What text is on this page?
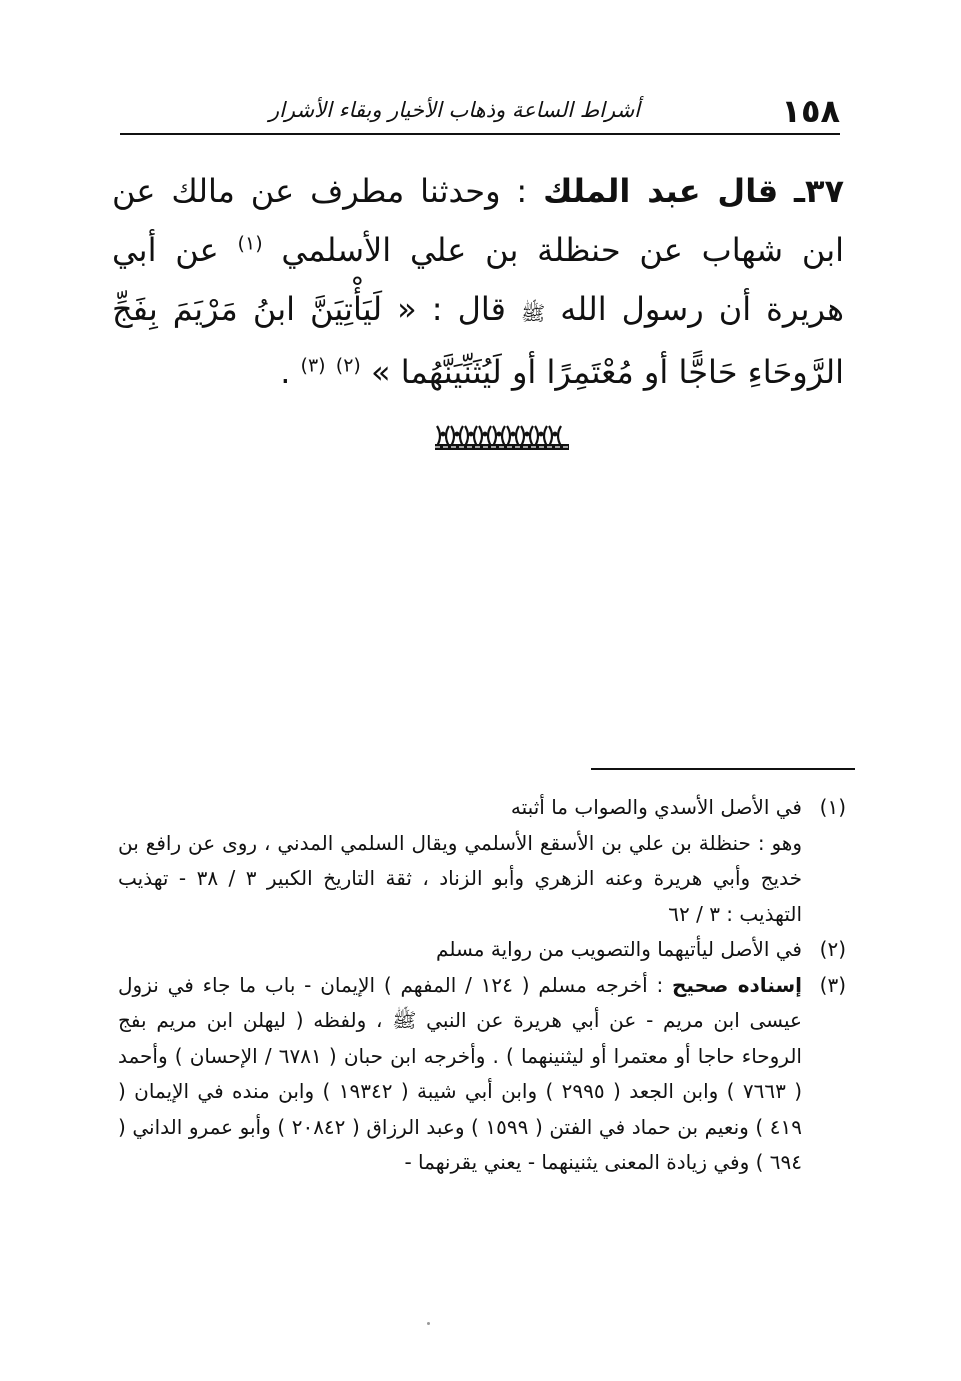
١٥٨
أشراط الساعة وذهاب الأخيار وبقاء الأشرار
٣٧ـ قال عبد الملك : وحدثنا مطرف عن مالك عن ابن شهاب عن حنظلة بن علي الأسلمي $^{(١)}$ عن أبي هريرة أن رسول الله ﷺ قال : « لَيَأْتِيَنَّ ابنُ مَرْيَمَ بِفَجِّ الرَّوحَاءِ حَاجًّا أو مُعْتَمِرًا أو لَيُثَنِّيَنَّهُما » $^{(٢)}$ $^{(٣)}$ .
(١)
في الأصل الأسدي والصواب ما أثبته
وهو : حنظلة بن علي بن الأسقع الأسلمي ويقال السلمي المدني ، روى عن رافع بن خديج وأبي هريرة وعنه الزهري وأبو الزناد ، ثقة التاريخ الكبير ٣ / ٣٨ - تهذيب التهذيب : ٣ / ٦٢
(٢)
في الأصل ليأتيهما والتصويب من رواية مسلم
(٣)
إسناده صحيح : أخرجه مسلم ( ١٢٤ / المفهم ) الإيمان - باب ما جاء في نزول عيسى ابن مريم - عن أبي هريرة عن النبي ﷺ ، ولفظه ( ليهلن ابن مريم بفج الروحاء حاجا أو معتمرا أو ليثنينهما ) . وأخرجه ابن حبان ( ٦٧٨١ / الإحسان ) وأحمد ( ٧٦٦٣ ) وابن الجعد ( ٢٩٩٥ ) وابن أبي شيبة ( ١٩٣٤٢ ) وابن منده في الإيمان ( ٤١٩ ) ونعيم بن حماد في الفتن ( ١٥٩٩ ) وعبد الرزاق ( ٢٠٨٤٢ ) وأبو عمرو الداني ( ٦٩٤ ) وفي زيادة المعنى يثنينهما - يعني يقرنهما -
